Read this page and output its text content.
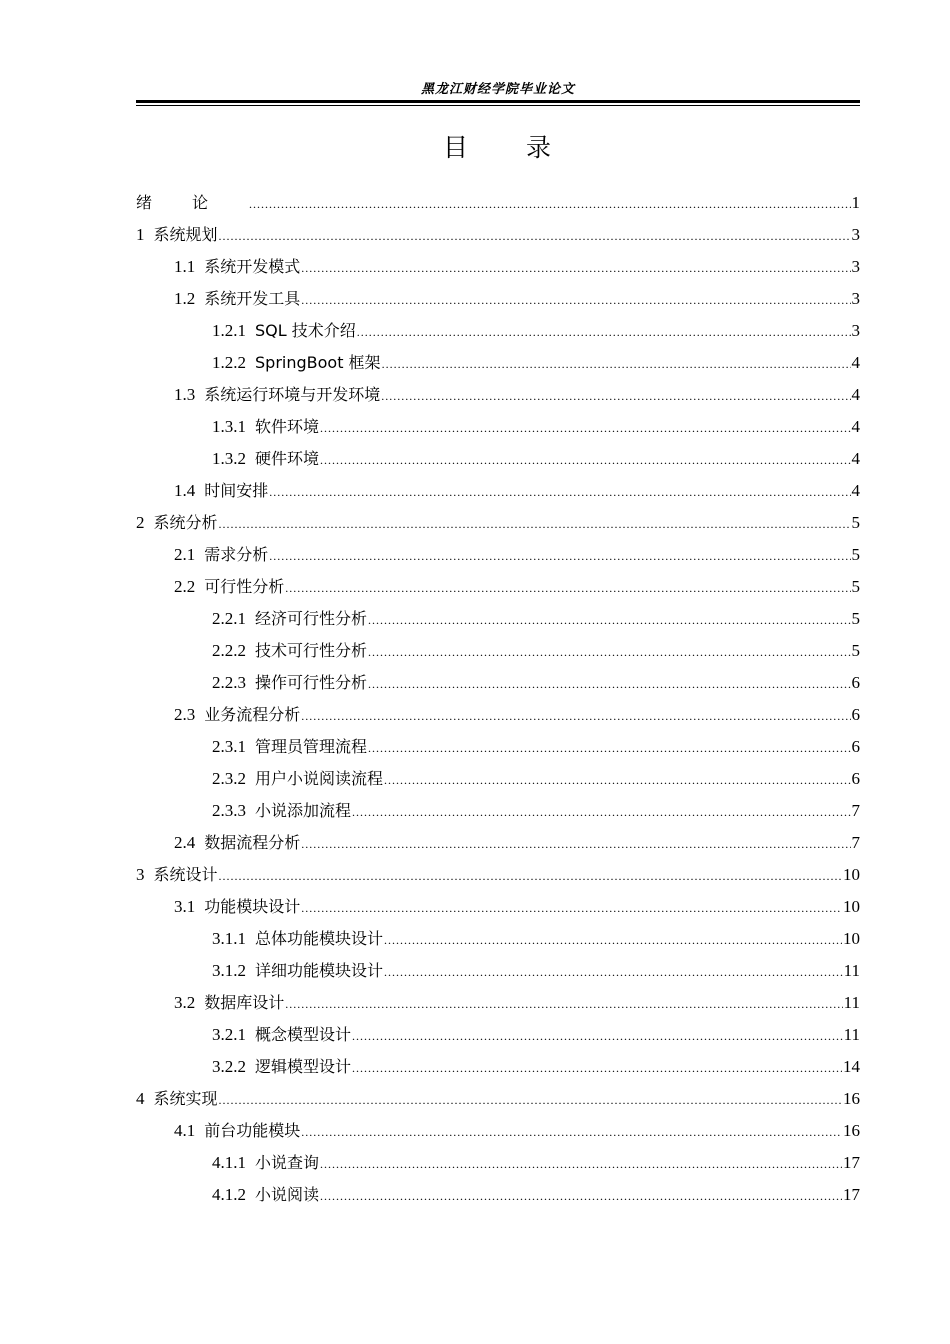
黑龙江财经学院毕业论文
目 录
绪论 .....	1
1 系统规划 .....	3
1.1 系统开发模式 .....	3
1.2 系统开发工具 .....	3
1.2.1 SQL 技术介绍 .....	3
1.2.2 SpringBoot 框架 .....	4
1.3 系统运行环境与开发环境 .....	4
1.3.1 软件环境 .....	4
1.3.2 硬件环境 .....	4
1.4 时间安排 .....	4
2 系统分析 .....	5
2.1 需求分析 .....	5
2.2 可行性分析 .....	5
2.2.1 经济可行性分析 .....	5
2.2.2 技术可行性分析 .....	5
2.2.3 操作可行性分析 .....	6
2.3 业务流程分析 .....	6
2.3.1 管理员管理流程 .....	6
2.3.2 用户小说阅读流程 .....	6
2.3.3 小说添加流程 .....	7
2.4 数据流程分析 .....	7
3 系统设计 .....	10
3.1 功能模块设计 .....	10
3.1.1 总体功能模块设计 .....	10
3.1.2 详细功能模块设计 .....	11
3.2 数据库设计 .....	11
3.2.1 概念模型设计 .....	11
3.2.2 逻辑模型设计 .....	14
4 系统实现 .....	16
4.1 前台功能模块 .....	16
4.1.1 小说查询 .....	17
4.1.2 小说阅读 .....	17
